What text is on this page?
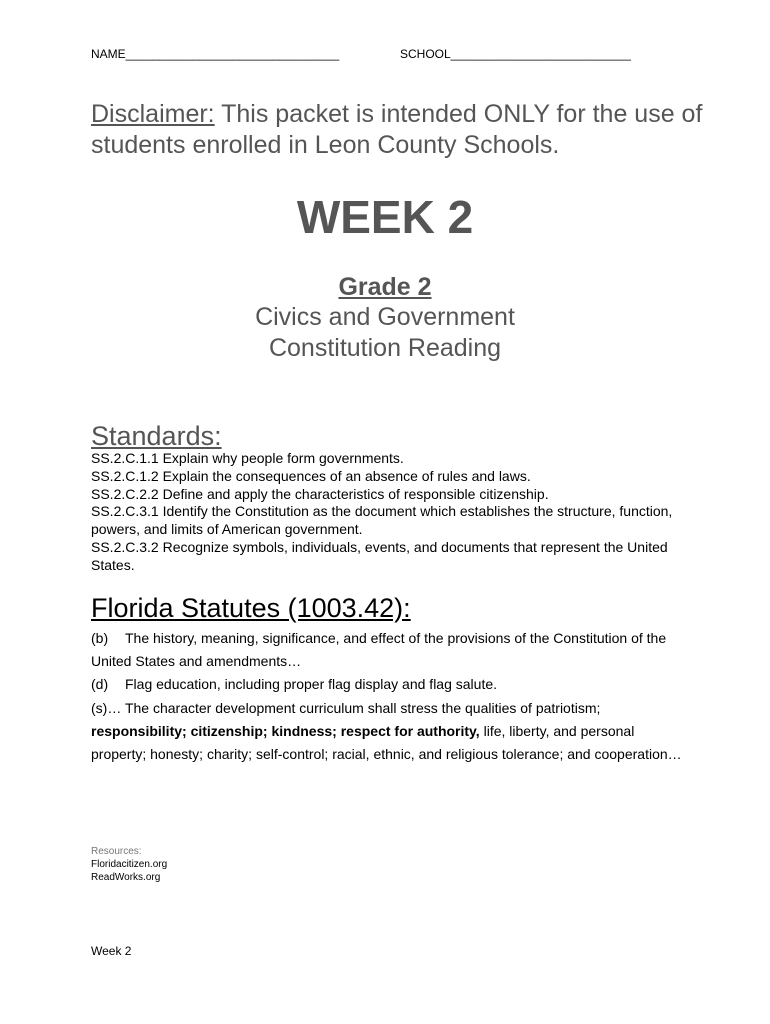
NAME________________________________	SCHOOL___________________________
Disclaimer: This packet is intended ONLY for the use of students enrolled in Leon County Schools.
WEEK 2
Grade 2
Civics and Government
Constitution Reading
Standards:
SS.2.C.1.1 Explain why people form governments.
SS.2.C.1.2 Explain the consequences of an absence of rules and laws.
SS.2.C.2.2 Define and apply the characteristics of responsible citizenship.
SS.2.C.3.1 Identify the Constitution as the document which establishes the structure, function, powers, and limits of American government.
SS.2.C.3.2 Recognize symbols, individuals, events, and documents that represent the United States.
Florida Statutes (1003.42):
(b) The history, meaning, significance, and effect of the provisions of the Constitution of the United States and amendments…
(d) Flag education, including proper flag display and flag salute.
(s)… The character development curriculum shall stress the qualities of patriotism; responsibility; citizenship; kindness; respect for authority, life, liberty, and personal property; honesty; charity; self-control; racial, ethnic, and religious tolerance; and cooperation…
Resources:
Floridacitizen.org
ReadWorks.org
Week 2
